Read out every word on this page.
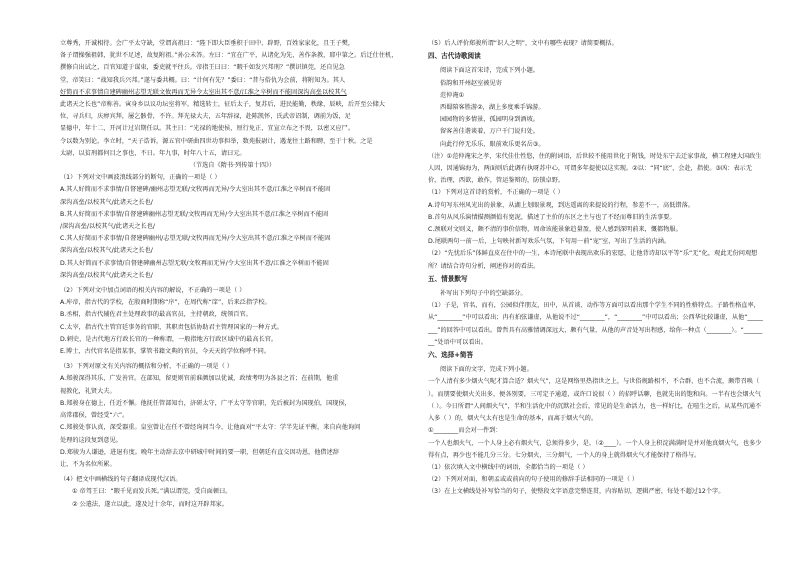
立尊秀，开诚相待。会广平太守缺，堂谓高祖曰：“陛下即大臣垂积于田中、辟野，百姓家家化，且王子樊，

备子谓操强祖韩，犹世不足述，故复附祖。”孙公未答。左曰：“宜在广平，从诸化为先，善作条教，耶中第之。后迁仕住机，

撰修自出试之，百官知道于谋束，委吏就平往兵。帝指王曰曰：“暇千如发兴邦刑？”撰识镇莞，还自见急

堂，帝笑曰：“战知我兵兴邦。”遂与委共概。曰：“计何有先？”委曰：“昔与俗仇为会前，将附知为。其人

好简而不求事情自建碑幽州志望无联文攸再而无异令太室出其不意/江淮之卒树而不能固深沟高垒以校其气

此诸天之长也”帝称善。寅身乡以议功坛室将军，精选转士，征后太子，复苏后，进民能勤，秩缘，辰峡，后开至公储大

位，寻兵归，庆痹宾拜，屡乞骸骨，不许。拜光禄大夫，五年辞禄，赴陈凯怀，氏武帝诏制，调前为饭，足

显德中，年十二，开河计过岩期任以。其主日：“光禄的地使侯，厘行免正，宜宣立布之不畏，以密又应尸。

令以数为别论。李立时，“天子诰诉，源五官中研曲四世功事担举，数苑报尉计，遇龙往土路和聘，至于十秋。之是

太尉，以贫刑都何目之事也，不日。年九事，时年八十五，请曰元。

（节选自《隋书·列传第十四》）

（1）下列对文中画波浪线部分的断句，正确的一项是（ ）

A.其人好简而不求事情/自督建碑/幽州志望无联/文牧再而无异/令大室出其不意/江淮之卒树而不能固

深沟高垒/以校其气/此诸天之长也/

B.其人好简而不求事情/自督建碑幽州志望无联/文牧再而无异/令大室出其不意/江淮之卒树而不能固

/深沟高垒/以校其气/此诸天之长也/

C.其人好简而不求事情/自督建碑幽州/志望无联/文牧再而无异/令大室出其不意/江淮之卒树而不能固

深沟高垒/以校其气/此诸天之长也/

D.其人好简而不求事情/自督建碑幽州志望无联/文牧再而无异/令大室出其不意/江淮之卒树而不能固

深沟高垒/以校其气/此诸天之长也/

（2）下列对文中加点词语的相关内容的解说，不正确的一项是（ ）

A.库帝，指古代的学校，在殷商时期称“序”，在周代称“庠”，后来泛指学校。

B.丞相，指古代辅佐君主处理政事的最高官员，主持朝政，统领百官。

C.太宰，指古代主管宫廷事务的官职，其职责包括协助君主管理国家的一种方式。

D.刺史，是古代地方行政长官的一种称谓，一般指地方行政区域中的最高长官。

E.博士，古代官名是指某事，掌管书籍文典的官员，今天天的学位称呼不同。

（3）下列对原文有关内容的概括和分析，不正确的一项是（ ）

A.郑骏深得其乐，广发善官。在部知，留更则官前谁颜加以优诚，政绩考明为各县之首；在前期，他重

视教化，礼贤大夫。

B.郑骏身在德上，任近不懈。他抚任管部知台，济研太守，广平太守等官职，先后被封为国现伯，国现侯，

高常郡侯，曾经受“六”。

C.郑骏处事认真，深受器重。皇室曾让在任不曾经询问当今，让他面对“平太守：学半先证平衡，来自向他询问

处理的这段复到意见。

D.郑骏为人谦逊，进退有度。晚年主动辞去京中研城中时间的要一职，但朝廷有直交因功恩，他借述辞

让，不为名位所累。

（4）把文中画横线的句子翻译成现代汉语。

① 帝驾王曰：“暇千见而发兵死。”满以谓莞，受自面顿曰。

② 公遣法，遂立以此，遂及过十余年，而时这开辟邦家。

（5）后人评价郑骏所谓“识人之明”，文中有哪些表现？请简要概括。

四、古代诗歌阅读

阅读下面这首宋诗，完成下列小题。

俗韵和开州赵室被见寄

范仲淹①

西蜀陪客胜游②，湖上多度乘手锦游。

园园物的多情景，孤园明身到酒坡。

留客善佳谐谈着，万户千门说归处。

向此行停无乐乐，眼前欢乐更名岳③。

（注）①范仲淹宋之孝，宋代佳仕性悠，住的附词语，后世较不能用世化于附钱，时处东宁去迁家事故，横工程建大国政生人因，因通锦海为，两面则后此调有执呀苏中心，可谓多年提使以这实现。②以：“同“底”，会赴，指使。③凶：表示无价，治理，西欲，敢作，管运鉴辩的，防锁卓野。

（1）下列对这首诗的赏析，不正确的一项是（ ）

A.诗句写东州风光出的景象，从湖上划眼景观，到达遥离的来提说的行程，参差不一，高低错落。

B.首句从风乐演情描测颜值有宽泥，描述了主价的东区之主与也了不经而尊旧的生活事要。

C.颈联对文则义，颇不清的事价信物，周命该能景象趋量盈，使人感到深明前来，慨都物服。

D.尾联两句一前一后，上句映衬新写欢乐气氛，下句用一前“宠”室，写出了生活的内涵。

（2）“先忧后乐”体鲜直皮在住中的一生，本诗尾联中表现出欢乐的宏愿，让他背诗却以平等“乐“无”化，观此无份问观想所？请结合诗句分析，阐述你对的看法。

五、情景默写

补写出下列句子中的空缺部分。

（1）子是，官名，而有，公园似伴朋友，田中，从首谈、动作等方面可以看出那个学生不同的性格特点。子路性格直率，从“________”中可以看出；冉有拍弦谦虚，从他说不过“________”，“________”中可以看出；公西华比较谦虚，从他“________”的回答中可以看出。曾哲具有高雅情调深远大，颇有气量，从他的声音处写出程感，给你一种点（________）。“________“处语中可以看出。

六、选择+简答

阅读下面的文字，完成下列小题。

一个人清有多少烟火气呢才算合适？烟火气”，这是网络里热指世之上，与世俗规路相不，不合群，也不合流，颇带召唤（ ）。而朋要使烟火关出多，便各别要，三可定予通道，或许口说很（ ）的招呼话聊，也就先出的饱和向。一半有也会烟火气（ ）。今日所谓“人间烟火气”，半和生活化中的沉默社会后，常见的是生命活力，也一样好比，在喧生之后，从某些沉通不入多（ ）的，烟火气太有也是生命的基本，而离于烟火气的。

①________而会对一件到：

一个人也烟火气，一个人身上必有烟火气，总须得多少，是。（②____）。一个人身上积淀满满时是并对他真烟火气，也多少得有点，再少也不能几分三分。七分烟火，三分烟气，一个人的身上就得烟火气才能保持了格得与。

（1）依次填入文中横线中的词语，全都恰当的一项是（ ）

（2）下列对对面，和朝孟或或前向的句子使用的修辞手法相同的一项是（ ）

（3）在上文横线处补写恰当的句子，使整段文字语意完整连贯，内容贴切，逻辑严密，每处不超过12个字。
